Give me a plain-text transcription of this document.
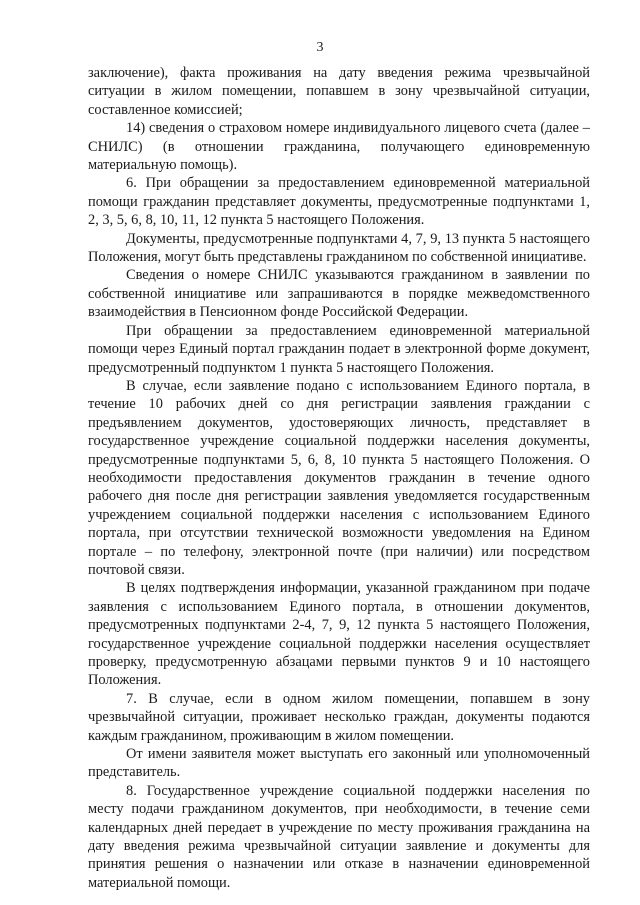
3

заключение), факта проживания на дату введения режима чрезвычайной ситуации в жилом помещении, попавшем в зону чрезвычайной ситуации, составленное комиссией;

14) сведения о страховом номере индивидуального лицевого счета (далее – СНИЛС) (в отношении гражданина, получающего единовременную материальную помощь).

6. При обращении за предоставлением единовременной материальной помощи гражданин представляет документы, предусмотренные подпунктами 1, 2, 3, 5, 6, 8, 10, 11, 12 пункта 5 настоящего Положения.

Документы, предусмотренные подпунктами 4, 7, 9, 13 пункта 5 настоящего Положения, могут быть представлены гражданином по собственной инициативе.

Сведения о номере СНИЛС указываются гражданином в заявлении по собственной инициативе или запрашиваются в порядке межведомственного взаимодействия в Пенсионном фонде Российской Федерации.

При обращении за предоставлением единовременной материальной помощи через Единый портал гражданин подает в электронной форме документ, предусмотренный подпунктом 1 пункта 5 настоящего Положения.

В случае, если заявление подано с использованием Единого портала, в течение 10 рабочих дней со дня регистрации заявления граждании с предъявлением документов, удостоверяющих личность, представляет в государственное учреждение социальной поддержки населения документы, предусмотренные подпунктами 5, 6, 8, 10 пункта 5 настоящего Положения. О необходимости предоставления документов гражданин в течение одного рабочего дня после дня регистрации заявления уведомляется государственным учреждением социальной поддержки населения с использованием Единого портала, при отсутствии технической возможности уведомления на Едином портале – по телефону, электронной почте (при наличии) или посредством почтовой связи.

В целях подтверждения информации, указанной гражданином при подаче заявления с использованием Единого портала, в отношении документов, предусмотренных подпунктами 2-4, 7, 9, 12 пункта 5 настоящего Положения, государственное учреждение социальной поддержки населения осуществляет проверку, предусмотренную абзацами первыми пунктов 9 и 10 настоящего Положения.

7. В случае, если в одном жилом помещении, попавшем в зону чрезвычайной ситуации, проживает несколько граждан, документы подаются каждым гражданином, проживающим в жилом помещении.

От имени заявителя может выступать его законный или уполномоченный представитель.

8. Государственное учреждение социальной поддержки населения по месту подачи гражданином документов, при необходимости, в течение семи календарных дней передает в учреждение по месту проживания гражданина на дату введения режима чрезвычайной ситуации заявление и документы для принятия решения о назначении или отказе в назначении единовременной материальной помощи.
